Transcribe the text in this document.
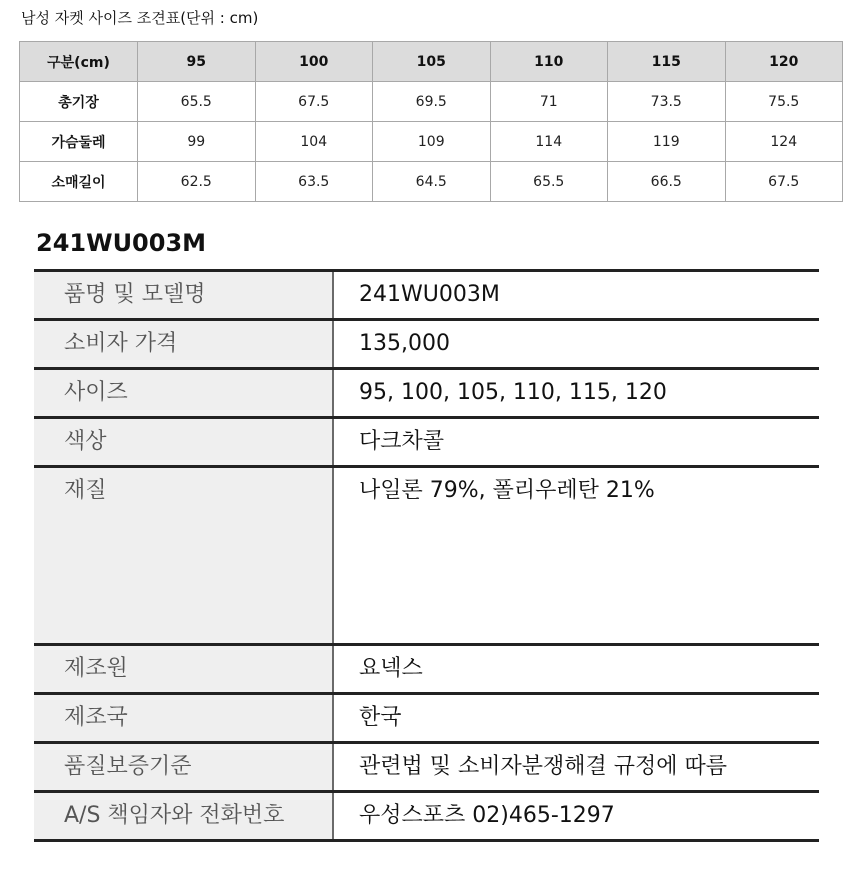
남성 자켓 사이즈 조견표(단위 : cm)
구분(cm)	95	100	105	110	115	120
총기장	65.5	67.5	69.5	71	73.5	75.5
가슴둘레	99	104	109	114	119	124
소매길이	62.5	63.5	64.5	65.5	66.5	67.5
241WU003M
품명 및 모델명	241WU003M
소비자 가격	135,000
사이즈	95, 100, 105, 110, 115, 120
색상	다크차콜
재질	나일론 79%, 폴리우레탄 21%
제조원	요넥스
제조국	한국
품질보증기준	관련법 및 소비자분쟁해결 규정에 따름
A/S 책임자와 전화번호	우성스포츠 02)465-1297
